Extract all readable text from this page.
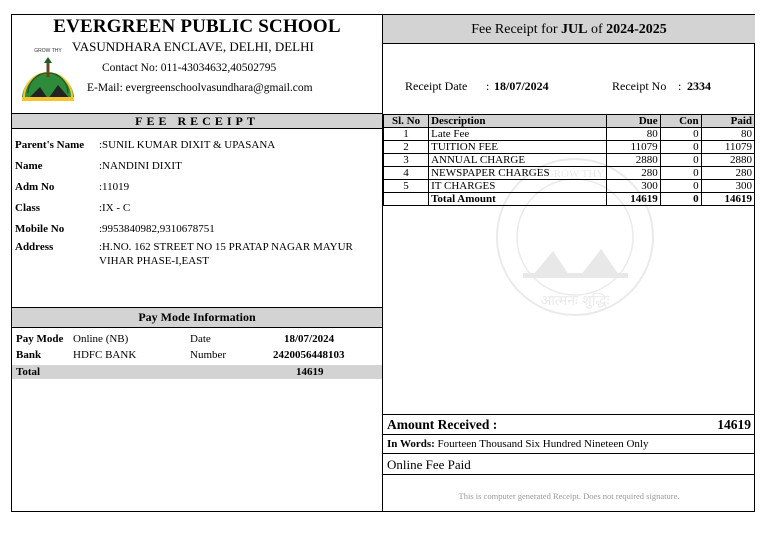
EVERGREEN PUBLIC SCHOOL
GROW THY VASUNDHARA ENCLAVE, DELHI, DELHI
Contact No: 011-43034632,40502795
E-Mail: evergreenschoolvasundhara@gmail.com
FEE RECEIPT
Parent's Name	:SUNIL KUMAR DIXIT & UPASANA
Name	:NANDINI DIXIT
Adm No	:11019
Class	:IX - C
Mobile No	:9953840982,9310678751
Address	:H.NO. 162 STREET NO 15 PRATAP NAGAR MAYUR VIHAR PHASE-I,EAST
Pay Mode Information
Pay Mode Online (NB)	Date	18/07/2024
Bank	HDFC BANK	Number	2420056448103
Total	14619
Fee Receipt for JUL of 2024-2025
Receipt Date : 18/07/2024	Receipt No : 2334
आत्मनः शुद्धिः
GROW THY
Sl. No	Description	Due	Con	Paid
1	Late Fee	80	0	80
2	TUITION FEE	11079	0	11079
3	ANNUAL CHARGE	2880	0	2880
4	NEWSPAPER CHARGES	280	0	280
5	IT CHARGES	300	0	300
	Total Amount	14619	0	14619
Amount Received :	14619
In Words: Fourteen Thousand Six Hundred Nineteen Only
Online Fee Paid
This is computer generated Receipt. Does not required signature.
